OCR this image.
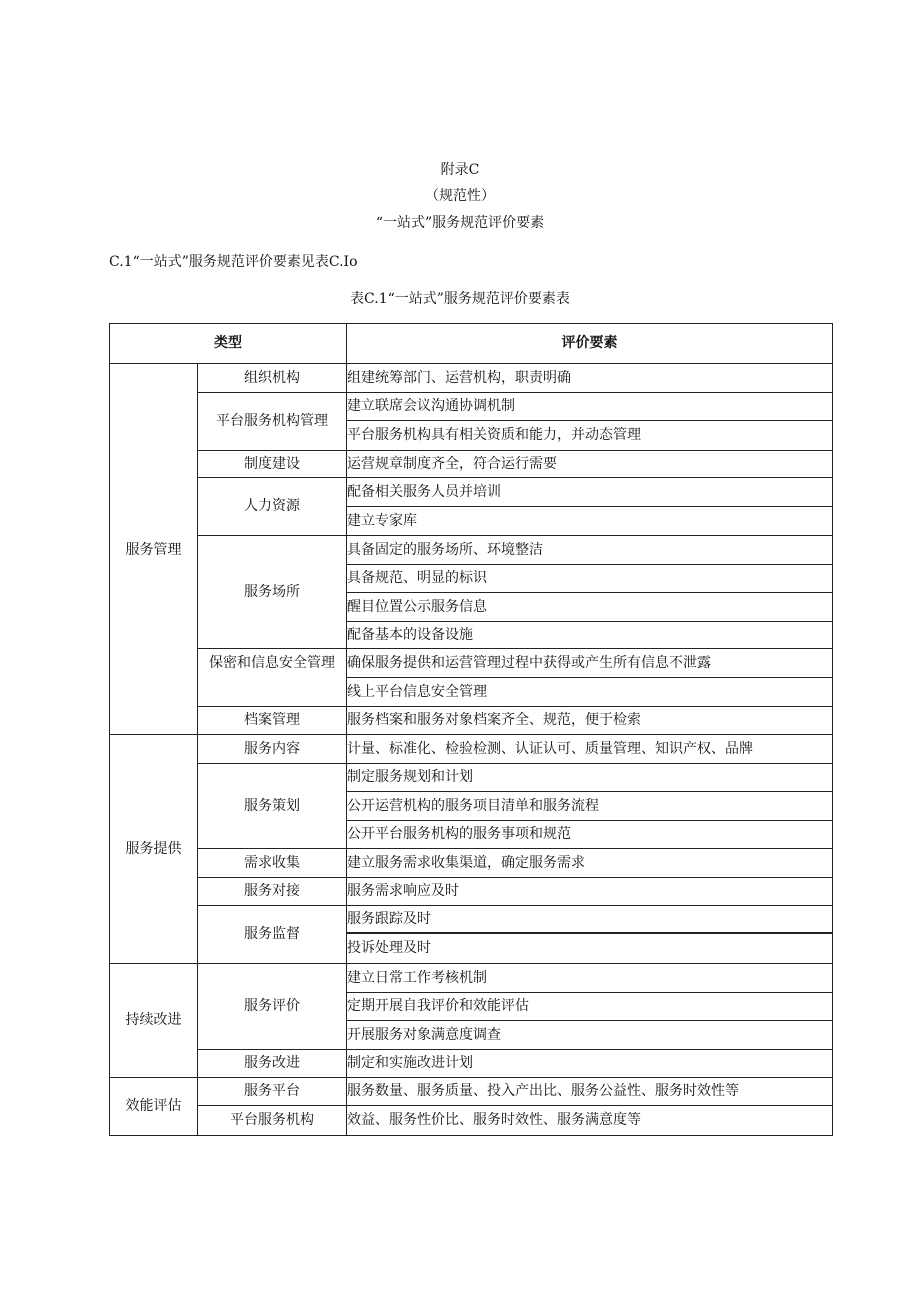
附录C
（规范性）
“一站式”服务规范评价要素
C.1“一站式”服务规范评价要素见表C.Io
表C.1“一站式”服务规范评价要素表
类型		评价要素
服务管理	组织机构	组建统筹部门、运营机构，职责明确
	平台服务机构管理	建立联席会议沟通协调机制
		平台服务机构具有相关资质和能力，并动态管理
	制度建设	运营规章制度齐全，符合运行需要
	人力资源	配备相关服务人员并培训
		建立专家库
	服务场所	具备固定的服务场所、环境整洁
		具备规范、明显的标识
		醒目位置公示服务信息
		配备基本的设备设施
	保密和信息安全管理	确保服务提供和运营管理过程中获得或产生所有信息不泄露
		线上平台信息安全管理
	档案管理	服务档案和服务对象档案齐全、规范，便于检索
服务提供	服务内容	计量、标准化、检验检测、认证认可、质量管理、知识产权、品牌
	服务策划	制定服务规划和计划
		公开运营机构的服务项目清单和服务流程
		公开平台服务机构的服务事项和规范
	需求收集	建立服务需求收集渠道，确定服务需求
	服务对接	服务需求响应及时
	服务监督	服务跟踪及时

		投诉处理及时
持续改进	服务评价	建立日常工作考核机制
		定期开展自我评价和效能评估
		开展服务对象满意度调查
	服务改进	制定和实施改进计划
效能评估	服务平台	服务数量、服务质量、投入产出比、服务公益性、服务时效性等
	平台服务机构	效益、服务性价比、服务时效性、服务满意度等
